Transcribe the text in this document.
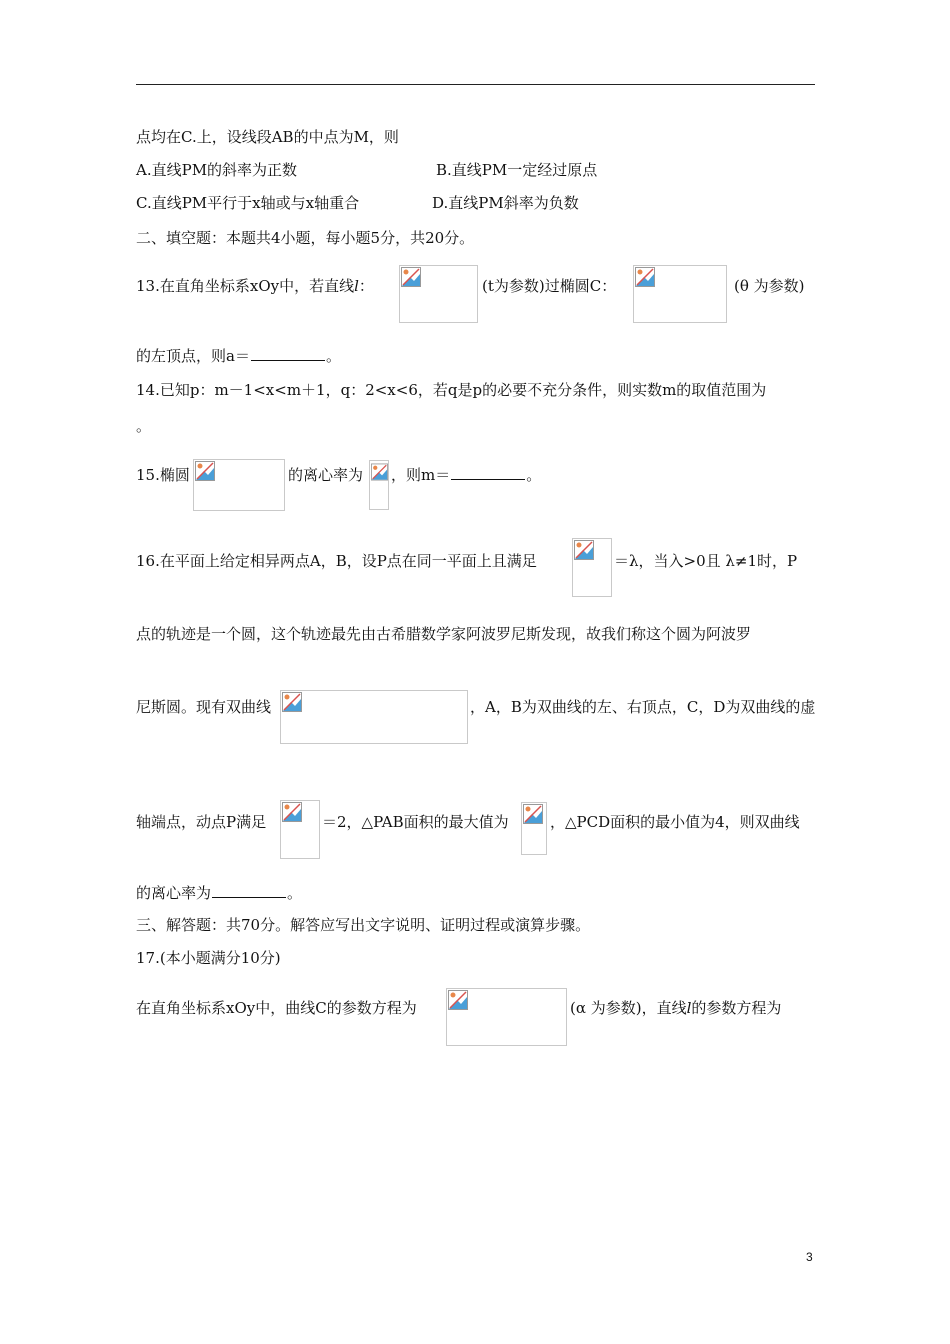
点均在C.上，设线段AB的中点为M，则
A.直线PM的斜率为正数	B.直线PM一定经过原点
C.直线PM平行于x轴或与x轴重合	D.直线PM斜率为负数
二、填空题：本题共4小题，每小题5分，共20分。
13.在直角坐标系xOy中，若直线l：	(t为参数)过椭圆C：	(θ 为参数)
的左顶点，则a＝	。
14.已知p：m－1<x<m＋1，q：2<x<6，若q是p的必要不充分条件，则实数m的取值范围为
。
15.椭圆	的离心率为 ，则m＝	。
16.在平面上给定相异两点A，B，设P点在同一平面上且满足	＝λ，当入>0且 λ≠1时，P
点的轨迹是一个圆，这个轨迹最先由古希腊数学家阿波罗尼斯发现，故我们称这个圆为阿波罗
尼斯圆。现有双曲线	，A，B为双曲线的左、右顶点，C，D为双曲线的虚
轴端点，动点P满足	＝2，△PAB面积的最大值为	，△PCD面积的最小值为4，则双曲线
的离心率为	。
三、解答题：共70分。解答应写出文字说明、证明过程或演算步骤。
17.(本小题满分10分)
在直角坐标系xOy中，曲线C的参数方程为	(α 为参数)，直线l的参数方程为
3
